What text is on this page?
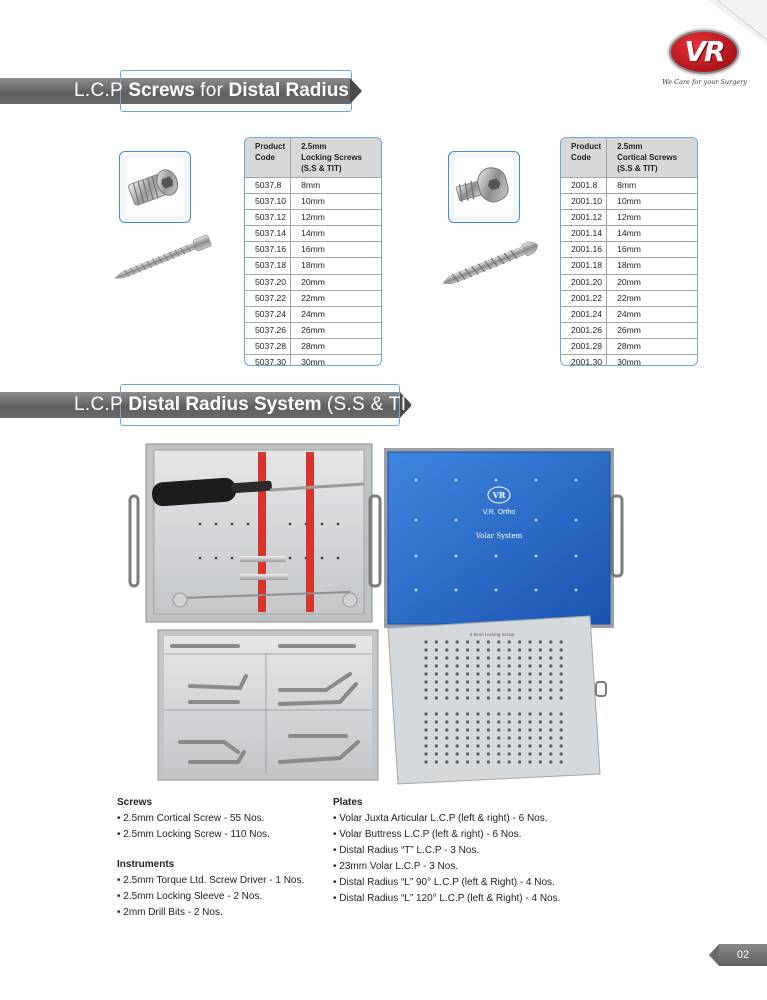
VR
We Care for your Surgery
L.C.P Screws for Distal Radius
Product
Code	2.5mm
Locking Screws
(S.S & TIT)
5037.8	8mm
5037.10	10mm
5037.12	12mm
5037.14	14mm
5037.16	16mm
5037.18	18mm
5037.20	20mm
5037.22	22mm
5037.24	24mm
5037.26	26mm
5037.28	28mm
5037.30	30mm
Product
Code	2.5mm
Cortical Screws
(S.S & TIT)
2001.8	8mm
2001.10	10mm
2001.12	12mm
2001.14	14mm
2001.16	16mm
2001.18	18mm
2001.20	20mm
2001.22	22mm
2001.24	24mm
2001.26	26mm
2001.28	28mm
2001.30	30mm
L.C.P Distal Radius System (S.S & TIT)
VR
V.R. Ortho
Volar System
2.5mm Locking Screw
Screws
• 2.5mm Cortical Screw - 55 Nos.
• 2.5mm Locking Screw - 110 Nos.
Instruments
• 2.5mm Torque Ltd. Screw Driver - 1 Nos.
• 2.5mm Locking Sleeve - 2 Nos.
• 2mm Drill Bits - 2 Nos.
Plates
• Volar Juxta Articular L.C.P (left & right) - 6 Nos.
• Volar Buttress L.C.P (left & right) - 6 Nos.
• Distal Radius “T” L.C.P - 3 Nos.
• 23mm Volar L.C.P - 3 Nos.
• Distal Radius “L” 90° L.C.P (left & Right) - 4 Nos.
• Distal Radius “L” 120° L.C.P (left & Right) - 4 Nos.
02
